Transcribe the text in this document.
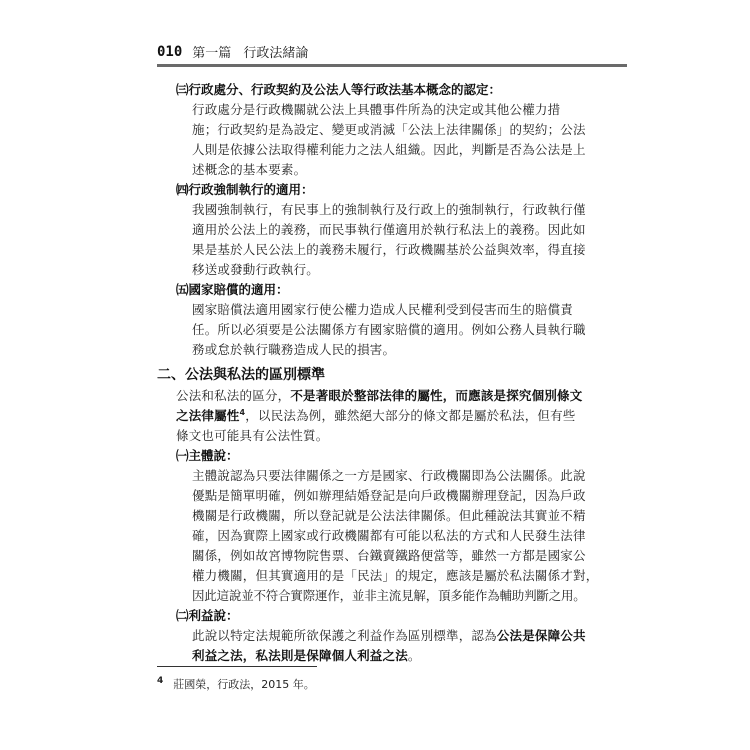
010 第一篇 行政法緒論
㈢行政處分、行政契約及公法人等行政法基本概念的認定：
行政處分是行政機關就公法上具體事件所為的決定或其他公權力措
施；行政契約是為設定、變更或消滅「公法上法律關係」的契約；公法
人則是依據公法取得權利能力之法人組織。因此，判斷是否為公法是上
述概念的基本要素。
㈣行政強制執行的適用：
我國強制執行，有民事上的強制執行及行政上的強制執行，行政執行僅
適用於公法上的義務，而民事執行僅適用於執行私法上的義務。因此如
果是基於人民公法上的義務未履行，行政機關基於公益與效率，得直接
移送或發動行政執行。
㈤國家賠償的適用：
國家賠償法適用國家行使公權力造成人民權利受到侵害而生的賠償責
任。所以必須要是公法關係方有國家賠償的適用。例如公務人員執行職
務或怠於執行職務造成人民的損害。
二、公法與私法的區別標準
公法和私法的區分，不是著眼於整部法律的屬性，而應該是探究個別條文
之法律屬性$^4$，以民法為例，雖然絕大部分的條文都是屬於私法，但有些
條文也可能具有公法性質。
㈠主體說：
主體說認為只要法律關係之一方是國家、行政機關即為公法關係。此說
優點是簡單明確，例如辦理結婚登記是向戶政機關辦理登記，因為戶政
機關是行政機關，所以登記就是公法法律關係。但此種說法其實並不精
確，因為實際上國家或行政機關都有可能以私法的方式和人民發生法律
關係，例如故宮博物院售票、台鐵賣鐵路便當等，雖然一方都是國家公
權力機關，但其實適用的是「民法」的規定，應該是屬於私法關係才對，
因此這說並不符合實際運作，並非主流見解，頂多能作為輔助判斷之用。
㈡利益說：
此說以特定法規範所欲保護之利益作為區別標準，認為公法是保障公共
利益之法，私法則是保障個人利益之法。
$^4$ 莊國榮，行政法，2015 年。
